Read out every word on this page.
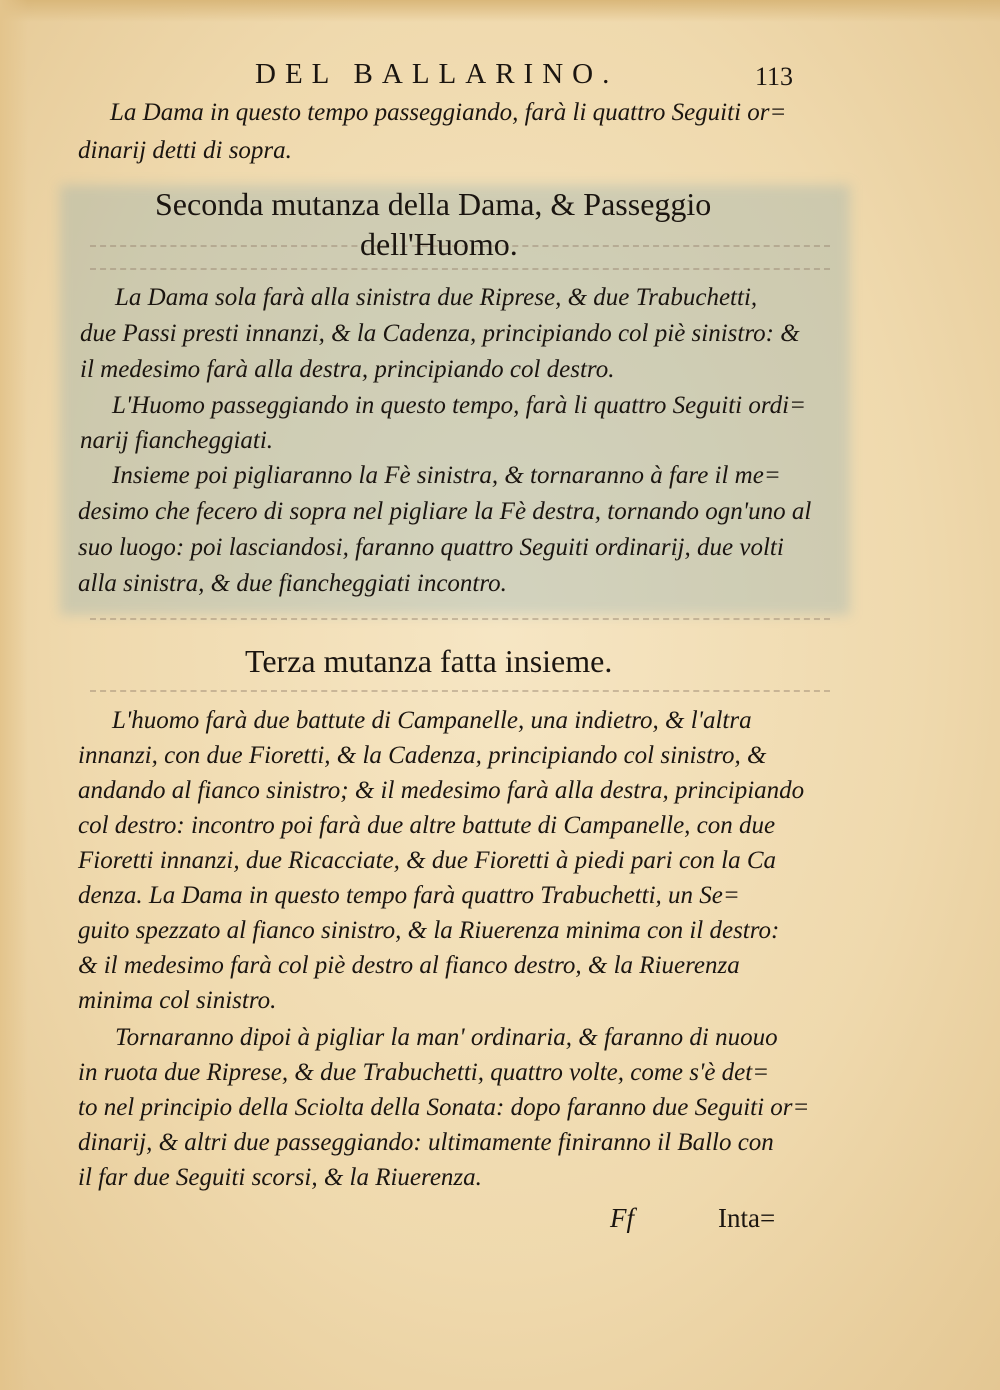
DEL BALLARINO.	113
La Dama in questo tempo passeggiando, farà li quattro Seguiti or=
dinarij detti di sopra.
Seconda mutanza della Dama, & Passeggio
dell'Huomo.
La Dama sola farà alla sinistra due Riprese, & due Trabuchetti,
due Passi presti innanzi, & la Cadenza, principiando col piè sinistro: &
il medesimo farà alla destra, principiando col destro.
L'Huomo passeggiando in questo tempo, farà li quattro Seguiti ordi=
narij fiancheggiati.
Insieme poi pigliaranno la Fè sinistra, & tornaranno à fare il me=
desimo che fecero di sopra nel pigliare la Fè destra, tornando ogn'uno al
suo luogo: poi lasciandosi, faranno quattro Seguiti ordinarij, due volti
alla sinistra, & due fiancheggiati incontro.
Terza mutanza fatta insieme.
L'huomo farà due battute di Campanelle, una indietro, & l'altra
innanzi, con due Fioretti, & la Cadenza, principiando col sinistro, &
andando al fianco sinistro; & il medesimo farà alla destra, principiando
col destro: incontro poi farà due altre battute di Campanelle, con due
Fioretti innanzi, due Ricacciate, & due Fioretti à piedi pari con la Ca
denza. La Dama in questo tempo farà quattro Trabuchetti, un Se=
guito spezzato al fianco sinistro, & la Riuerenza minima con il destro:
& il medesimo farà col piè destro al fianco destro, & la Riuerenza
minima col sinistro.
Tornaranno dipoi à pigliar la man' ordinaria, & faranno di nuouo
in ruota due Riprese, & due Trabuchetti, quattro volte, come s'è det=
to nel principio della Sciolta della Sonata: dopo faranno due Seguiti or=
dinarij, & altri due passeggiando: ultimamente finiranno il Ballo con
il far due Seguiti scorsi, & la Riuerenza.
Ff	Inta=
